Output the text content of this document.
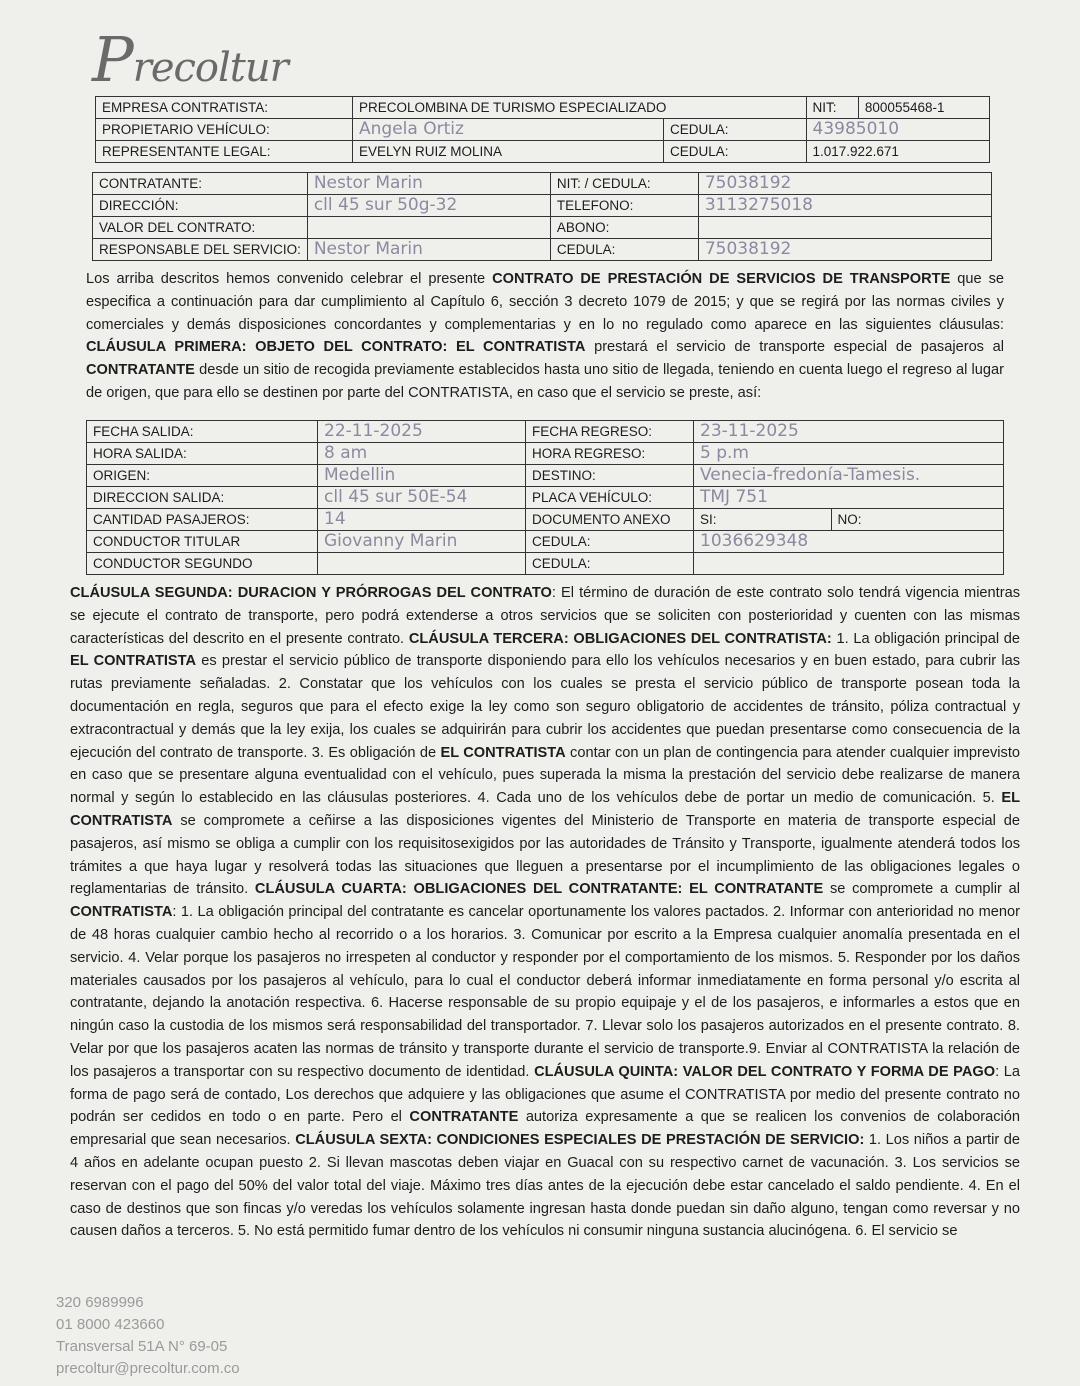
Precoltur
EMPRESA CONTRATISTA:	PRECOLOMBINA DE TURISMO ESPECIALIZADO		NIT:	800055468-1
PROPIETARIO VEHÍCULO:	Angela Ortiz	CEDULA:	43985010	
REPRESENTANTE LEGAL:	EVELYN RUIZ MOLINA	CEDULA:	1.017.922.671	
CONTRATANTE:	Nestor Marin	NIT: / CEDULA:	75038192
DIRECCIÓN:	cll 45 sur 50g-32	TELEFONO:	3113275018
VALOR DEL CONTRATO:		ABONO:	
RESPONSABLE DEL SERVICIO:	Nestor Marin	CEDULA:	75038192
Los arriba descritos hemos convenido celebrar el presente CONTRATO DE PRESTACIÓN DE SERVICIOS DE TRANSPORTE que se especifica a continuación para dar cumplimiento al Capítulo 6, sección 3 decreto 1079 de 2015; y que se regirá por las normas civiles y comerciales y demás disposiciones concordantes y complementarias y en lo no regulado como aparece en las siguientes cláusulas: CLÁUSULA PRIMERA: OBJETO DEL CONTRATO: EL CONTRATISTA prestará el servicio de transporte especial de pasajeros al CONTRATANTE desde un sitio de recogida previamente establecidos hasta uno sitio de llegada, teniendo en cuenta luego el regreso al lugar de origen, que para ello se destinen por parte del CONTRATISTA, en caso que el servicio se preste, así:
FECHA SALIDA:	22-11-2025	FECHA REGRESO:	23-11-2025	
HORA SALIDA:	8 am	HORA REGRESO:	5 p.m	
ORIGEN:	Medellin	DESTINO:	Venecia-fredonía-Tamesis.	
DIRECCION SALIDA:	cll 45 sur 50E-54	PLACA VEHÍCULO:	TMJ 751	
CANTIDAD PASAJEROS:	14	DOCUMENTO ANEXO	SI:	NO:
CONDUCTOR TITULAR	Giovanny Marin	CEDULA:	1036629348	
CONDUCTOR SEGUNDO		CEDULA:		
CLÁUSULA SEGUNDA: DURACION Y PRÓRROGAS DEL CONTRATO: El término de duración de este contrato solo tendrá vigencia mientras se ejecute el contrato de transporte, pero podrá extenderse a otros servicios que se soliciten con posterioridad y cuenten con las mismas características del descrito en el presente contrato. CLÁUSULA TERCERA: OBLIGACIONES DEL CONTRATISTA: 1. La obligación principal de EL CONTRATISTA es prestar el servicio público de transporte disponiendo para ello los vehículos necesarios y en buen estado, para cubrir las rutas previamente señaladas. 2. Constatar que los vehículos con los cuales se presta el servicio público de transporte posean toda la documentación en regla, seguros que para el efecto exige la ley como son seguro obligatorio de accidentes de tránsito, póliza contractual y extracontractual y demás que la ley exija, los cuales se adquirirán para cubrir los accidentes que puedan presentarse como consecuencia de la ejecución del contrato de transporte. 3. Es obligación de EL CONTRATISTA contar con un plan de contingencia para atender cualquier imprevisto en caso que se presentare alguna eventualidad con el vehículo, pues superada la misma la prestación del servicio debe realizarse de manera normal y según lo establecido en las cláusulas posteriores. 4. Cada uno de los vehículos debe de portar un medio de comunicación. 5. EL CONTRATISTA se compromete a ceñirse a las disposiciones vigentes del Ministerio de Transporte en materia de transporte especial de pasajeros, así mismo se obliga a cumplir con los requisitosexigidos por las autoridades de Tránsito y Transporte, igualmente atenderá todos los trámites a que haya lugar y resolverá todas las situaciones que lleguen a presentarse por el incumplimiento de las obligaciones legales o reglamentarias de tránsito. CLÁUSULA CUARTA: OBLIGACIONES DEL CONTRATANTE: EL CONTRATANTE se compromete a cumplir al CONTRATISTA: 1. La obligación principal del contratante es cancelar oportunamente los valores pactados. 2. Informar con anterioridad no menor de 48 horas cualquier cambio hecho al recorrido o a los horarios. 3. Comunicar por escrito a la Empresa cualquier anomalía presentada en el servicio. 4. Velar porque los pasajeros no irrespeten al conductor y responder por el comportamiento de los mismos. 5. Responder por los daños materiales causados por los pasajeros al vehículo, para lo cual el conductor deberá informar inmediatamente en forma personal y/o escrita al contratante, dejando la anotación respectiva. 6. Hacerse responsable de su propio equipaje y el de los pasajeros, e informarles a estos que en ningún caso la custodia de los mismos será responsabilidad del transportador. 7. Llevar solo los pasajeros autorizados en el presente contrato. 8. Velar por que los pasajeros acaten las normas de tránsito y transporte durante el servicio de transporte.9. Enviar al CONTRATISTA la relación de los pasajeros a transportar con su respectivo documento de identidad. CLÁUSULA QUINTA: VALOR DEL CONTRATO Y FORMA DE PAGO: La forma de pago será de contado, Los derechos que adquiere y las obligaciones que asume el CONTRATISTA por medio del presente contrato no podrán ser cedidos en todo o en parte. Pero el CONTRATANTE autoriza expresamente a que se realicen los convenios de colaboración empresarial que sean necesarios. CLÁUSULA SEXTA: CONDICIONES ESPECIALES DE PRESTACIÓN DE SERVICIO: 1. Los niños a partir de 4 años en adelante ocupan puesto 2. Si llevan mascotas deben viajar en Guacal con su respectivo carnet de vacunación. 3. Los servicios se reservan con el pago del 50% del valor total del viaje. Máximo tres días antes de la ejecución debe estar cancelado el saldo pendiente. 4. En el caso de destinos que son fincas y/o veredas los vehículos solamente ingresan hasta donde puedan sin daño alguno, tengan como reversar y no causen daños a terceros. 5. No está permitido fumar dentro de los vehículos ni consumir ninguna sustancia alucinógena. 6. El servicio se
320 6989996
01 8000 423660
Transversal 51A N° 69-05
precoltur@precoltur.com.co
